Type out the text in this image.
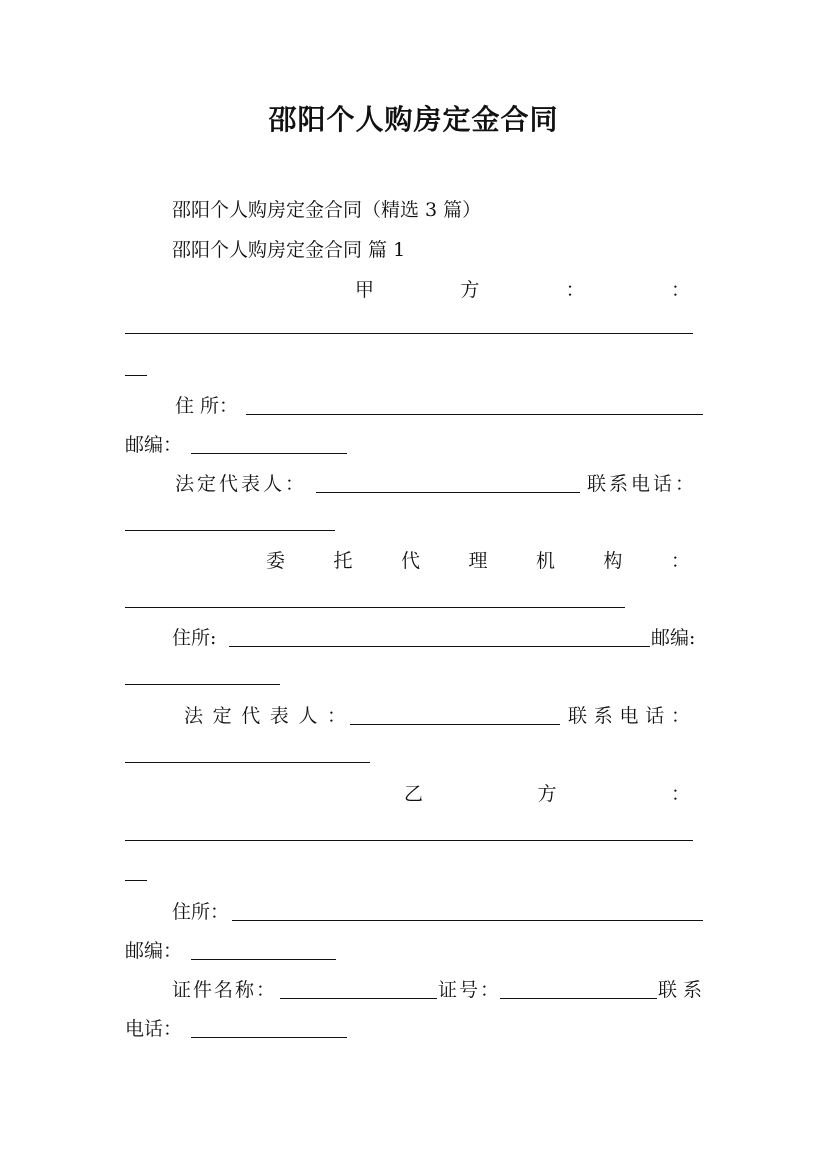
邵阳个人购房定金合同
邵阳个人购房定金合同（精选 3 篇）
邵阳个人购房定金合同 篇 1
甲	方	：	：
住 所：
邮编：
法定代表人：	联系电话：
委	托	代	理	机	构	：
住所:	邮编:
法 定 代 表 人 ：	联 系 电 话 ：
乙	方	：
住所：
邮编：
证件名称：	证号：	联系
电话：
